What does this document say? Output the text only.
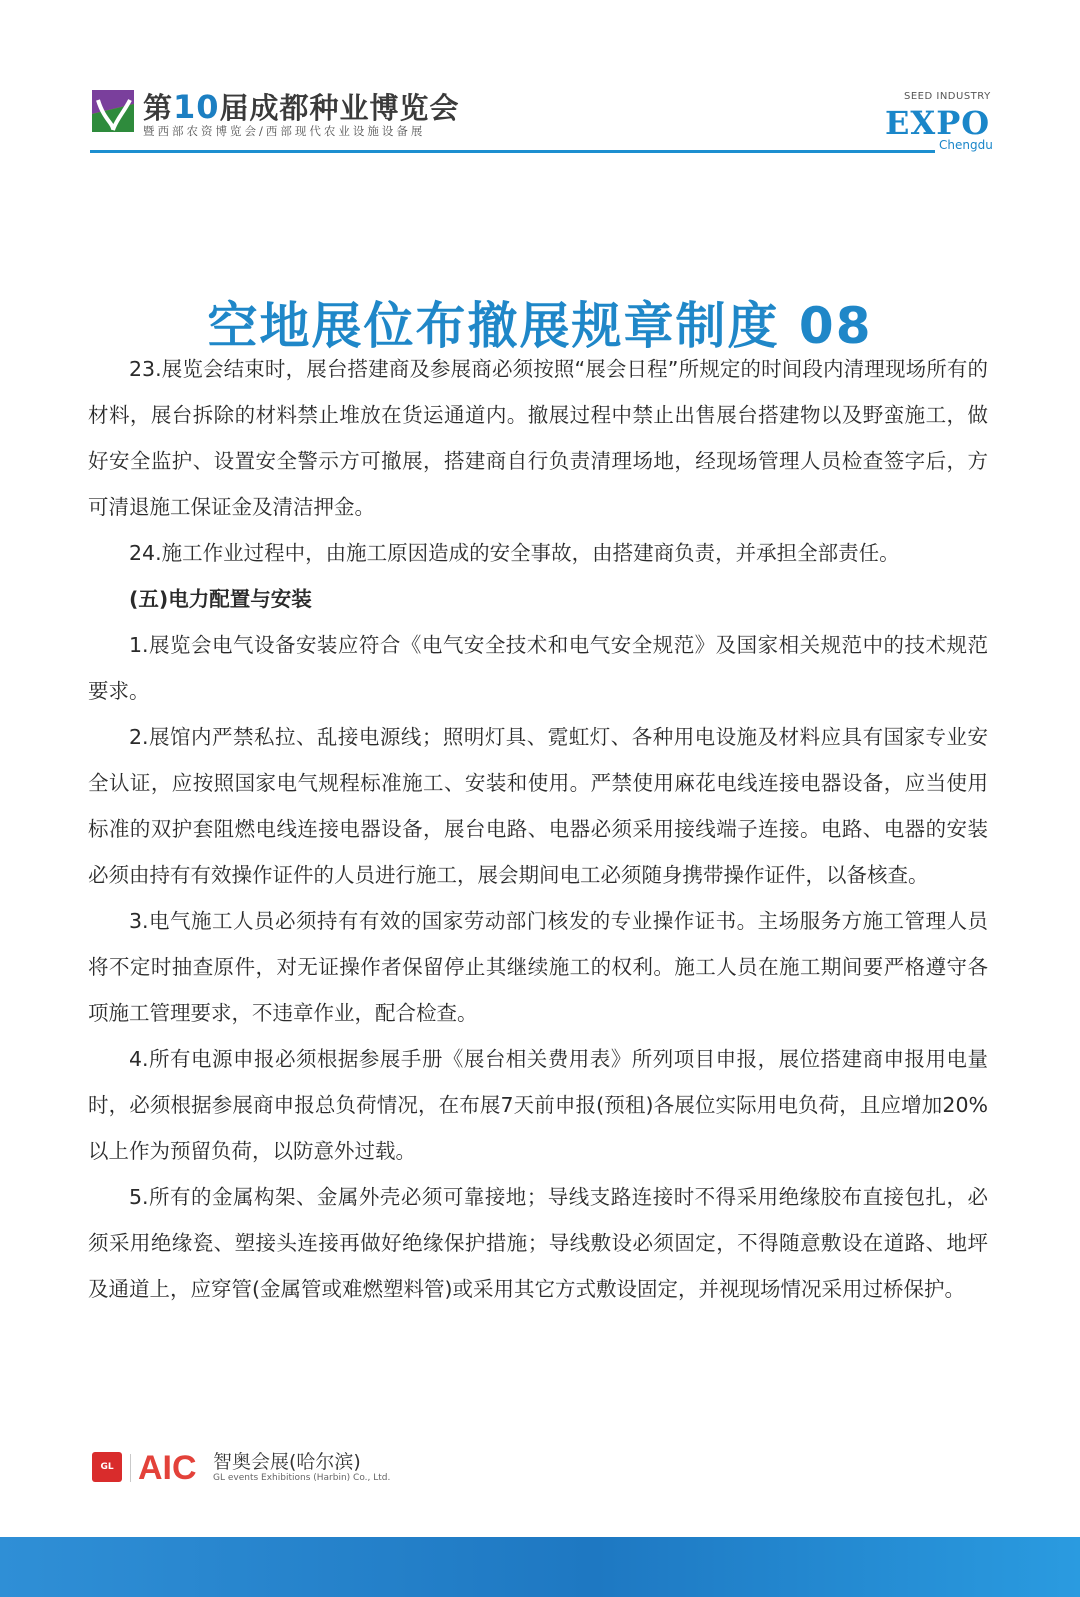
第10届成都种业博览会
暨西部农资博览会/西部现代农业设施设备展
SEED INDUSTRY
EXPO
Chengdu
空地展位布撤展规章制度 08

23.展览会结束时，展台搭建商及参展商必须按照“展会日程”所规定的时间段内清理现场所有的材料，展台拆除的材料禁止堆放在货运通道内。撤展过程中禁止出售展台搭建物以及野蛮施工，做好安全监护、设置安全警示方可撤展，搭建商自行负责清理场地，经现场管理人员检查签字后，方可清退施工保证金及清洁押金。

24.施工作业过程中，由施工原因造成的安全事故，由搭建商负责，并承担全部责任。

(五)电力配置与安装

1.展览会电气设备安装应符合《电气安全技术和电气安全规范》及国家相关规范中的技术规范要求。

2.展馆内严禁私拉、乱接电源线；照明灯具、霓虹灯、各种用电设施及材料应具有国家专业安全认证，应按照国家电气规程标准施工、安装和使用。严禁使用麻花电线连接电器设备，应当使用标准的双护套阻燃电线连接电器设备，展台电路、电器必须采用接线端子连接。电路、电器的安装必须由持有有效操作证件的人员进行施工，展会期间电工必须随身携带操作证件，以备核查。

3.电气施工人员必须持有有效的国家劳动部门核发的专业操作证书。主场服务方施工管理人员将不定时抽查原件，对无证操作者保留停止其继续施工的权利。施工人员在施工期间要严格遵守各项施工管理要求，不违章作业，配合检查。

4.所有电源申报必须根据参展手册《展台相关费用表》所列项目申报，展位搭建商申报用电量时，必须根据参展商申报总负荷情况，在布展7天前申报(预租)各展位实际用电负荷，且应增加20%以上作为预留负荷，以防意外过载。

5.所有的金属构架、金属外壳必须可靠接地；导线支路连接时不得采用绝缘胶布直接包扎，必须采用绝缘瓷、塑接头连接再做好绝缘保护措施；导线敷设必须固定，不得随意敷设在道路、地坪及通道上，应穿管(金属管或难燃塑料管)或采用其它方式敷设固定，并视现场情况采用过桥保护。

GL events
AIC 智奥会展(哈尔滨)
GL events Exhibitions (Harbin) Co., Ltd.
